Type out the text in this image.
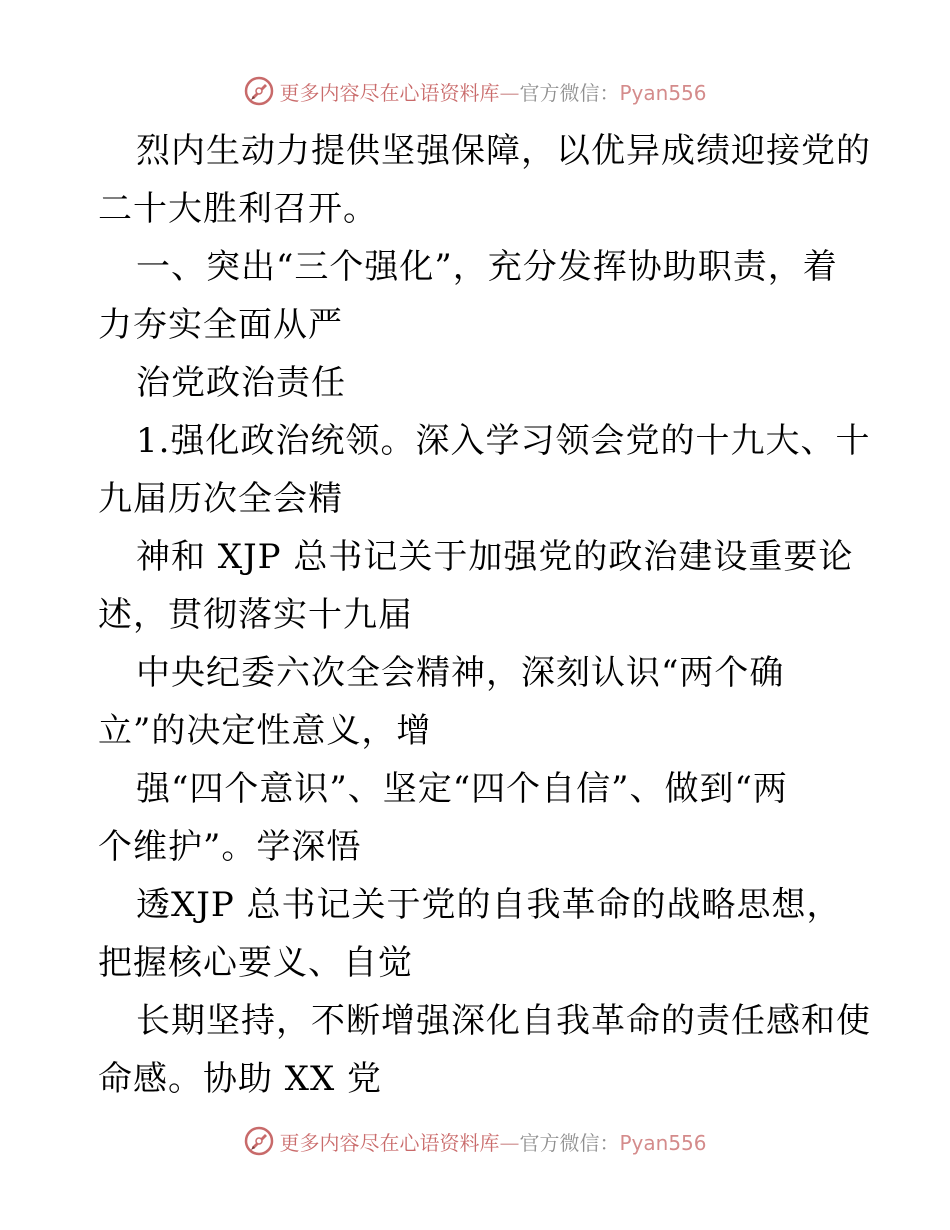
更多内容尽在心语资料库—官方微信：Pyan556
烈内生动力提供坚强保障，以优异成绩迎接党的
二十大胜利召开。
一、突出“三个强化”，充分发挥协助职责，着
力夯实全面从严
治党政治责任
1.强化政治统领。深入学习领会党的十九大、十
九届历次全会精
神和 XJP 总书记关于加强党的政治建设重要论
述，贯彻落实十九届
中央纪委六次全会精神，深刻认识“两个确
立”的决定性意义，增
强“四个意识”、坚定“四个自信”、做到“两
个维护”。学深悟
透XJP 总书记关于党的自我革命的战略思想，
把握核心要义、自觉
长期坚持，不断增强深化自我革命的责任感和使
命感。协助 XX 党
更多内容尽在心语资料库—官方微信：Pyan556
